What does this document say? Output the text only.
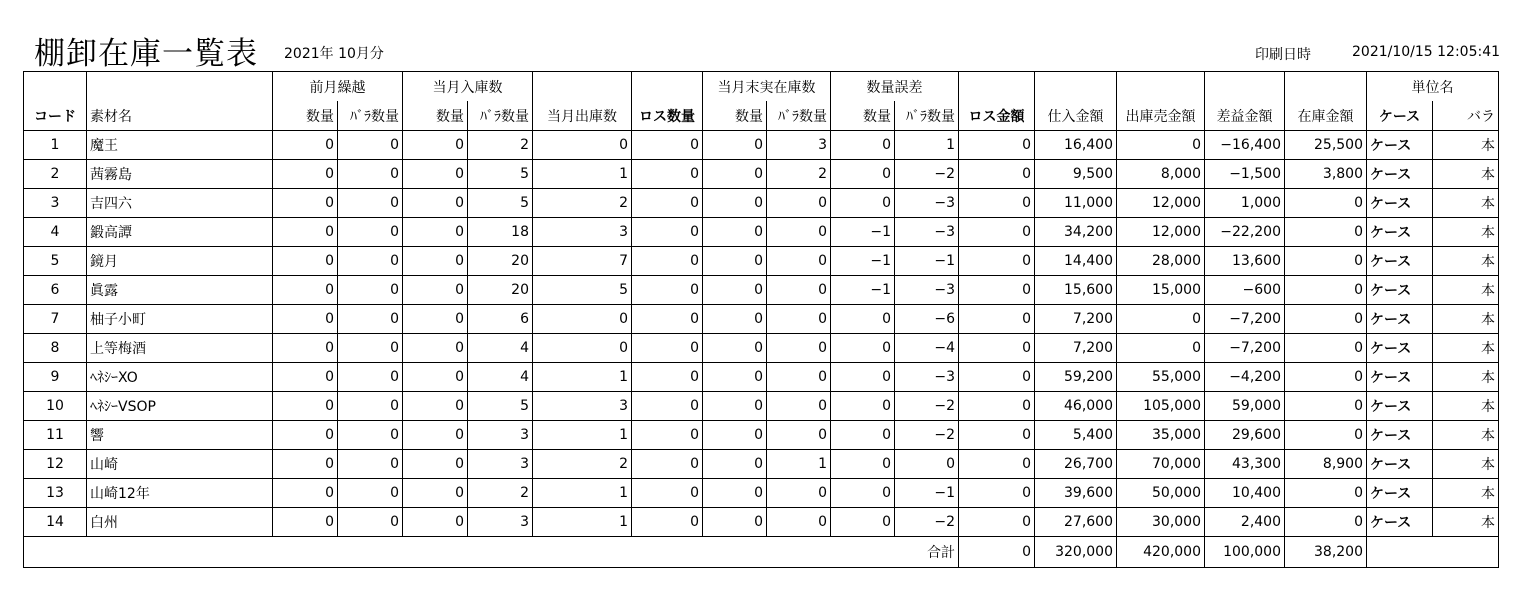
棚卸在庫一覧表 2021年 10月分	印刷日時	2021/10/15 12:05:41
		前月繰越		当月入庫数				当月末実在庫数		数量誤差							単位名	
コード	素材名	数量	ﾊﾞﾗ数量	数量	ﾊﾞﾗ数量	当月出庫数	ロス数量	数量	ﾊﾞﾗ数量	数量	ﾊﾞﾗ数量	ロス金額	仕入金額	出庫売金額	差益金額	在庫金額	ケース	バラ
1	魔王	0	0	0	2	0	0	0	3	0	1	0	16,400	0	−16,400	25,500	ケース	本
2	茜霧島	0	0	0	5	1	0	0	2	0	−2	0	9,500	8,000	−1,500	3,800	ケース	本
3	吉四六	0	0	0	5	2	0	0	0	0	−3	0	11,000	12,000	1,000	0	ケース	本
4	鍛高譚	0	0	0	18	3	0	0	0	−1	−3	0	34,200	12,000	−22,200	0	ケース	本
5	鏡月	0	0	0	20	7	0	0	0	−1	−1	0	14,400	28,000	13,600	0	ケース	本
6	眞露	0	0	0	20	5	0	0	0	−1	−3	0	15,600	15,000	−600	0	ケース	本
7	柚子小町	0	0	0	6	0	0	0	0	0	−6	0	7,200	0	−7,200	0	ケース	本
8	上等梅酒	0	0	0	4	0	0	0	0	0	−4	0	7,200	0	−7,200	0	ケース	本
9	ﾍﾈｼｰXO	0	0	0	4	1	0	0	0	0	−3	0	59,200	55,000	−4,200	0	ケース	本
10	ﾍﾈｼｰVSOP	0	0	0	5	3	0	0	0	0	−2	0	46,000	105,000	59,000	0	ケース	本
11	響	0	0	0	3	1	0	0	0	0	−2	0	5,400	35,000	29,600	0	ケース	本
12	山崎	0	0	0	3	2	0	0	1	0	0	0	26,700	70,000	43,300	8,900	ケース	本
13	山崎12年	0	0	0	2	1	0	0	0	0	−1	0	39,600	50,000	10,400	0	ケース	本
14	白州	0	0	0	3	1	0	0	0	0	−2	0	27,600	30,000	2,400	0	ケース	本
合計												0	320,000	420,000	100,000	38,200		
